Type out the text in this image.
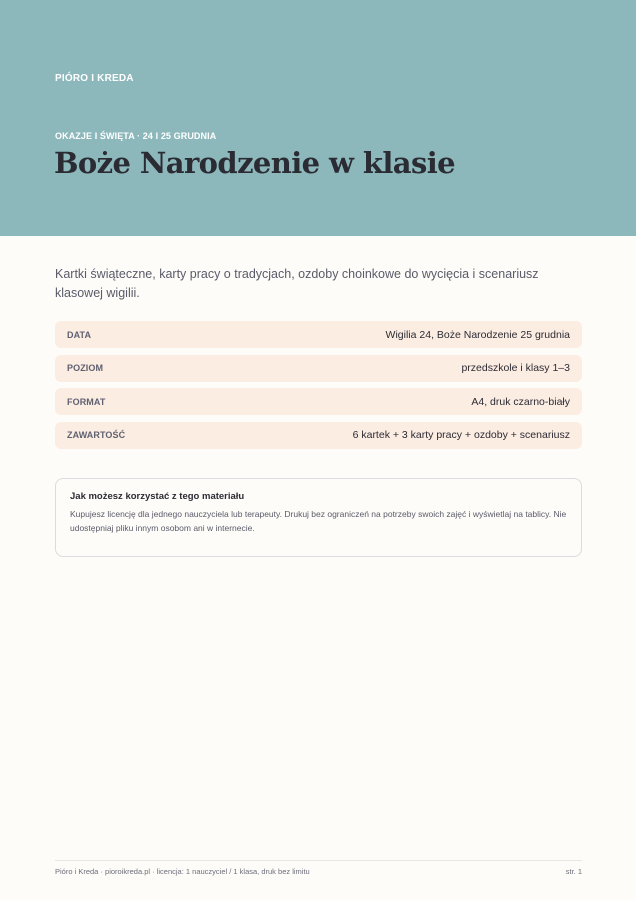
PIÓRO I KREDA
OKAZJE I ŚWIĘTA · 24 I 25 GRUDNIA
Boże Narodzenie w klasie

Kartki świąteczne, karty pracy o tradycjach, ozdoby choinkowe do wycięcia i scenariusz klasowej wigilii.

DATA	Wigilia 24, Boże Narodzenie 25 grudnia
POZIOM	przedszkole i klasy 1–3
FORMAT	A4, druk czarno-biały
ZAWARTOŚĆ	6 kartek + 3 karty pracy + ozdoby + scenariusz
Jak możesz korzystać z tego materiału

Kupujesz licencję dla jednego nauczyciela lub terapeuty. Drukuj bez ograniczeń na potrzeby swoich zajęć i wyświetlaj na tablicy. Nie udostępniaj pliku innym osobom ani w internecie.

Pióro i Kreda · pioroikreda.pl · licencja: 1 nauczyciel / 1 klasa, druk bez limitu	str. 1
